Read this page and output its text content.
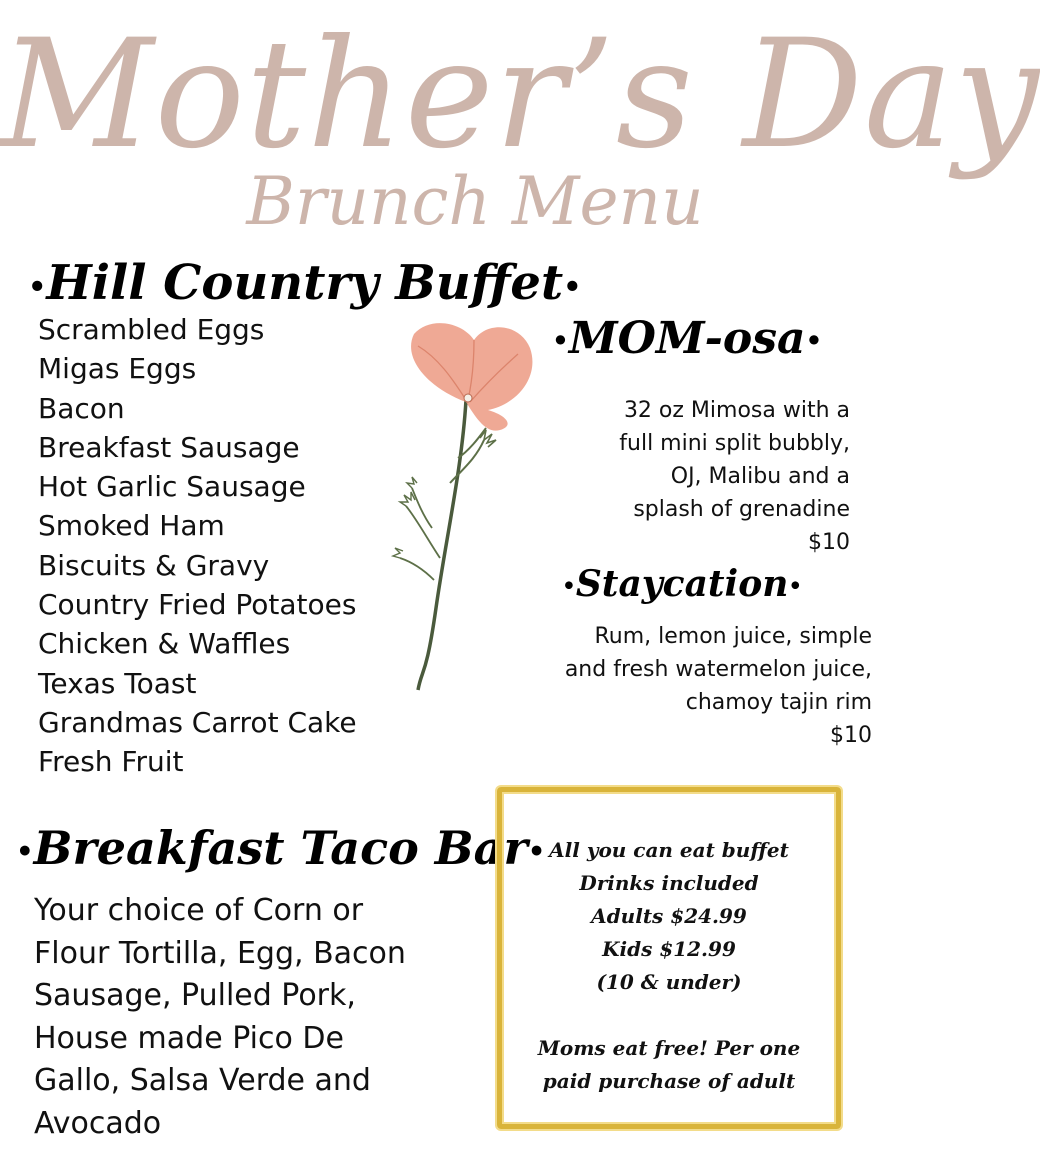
Mother’s Day
Brunch Menu
•Hill Country Buffet•
Scrambled Eggs
Migas Eggs
Bacon
Breakfast Sausage
Hot Garlic Sausage
Smoked Ham
Biscuits & Gravy
Country Fried Potatoes
Chicken & Waffles
Texas Toast
Grandmas Carrot Cake
Fresh Fruit
•MOM-osa•

32 oz Mimosa with a
full mini split bubbly,
OJ, Malibu and a
splash of grenadine
$10

•Staycation•

Rum, lemon juice, simple
and fresh watermelon juice,
chamoy tajin rim
$10

•Breakfast Taco Bar•

Your choice of Corn or
Flour Tortilla, Egg, Bacon
Sausage, Pulled Pork,
House made Pico De
Gallo, Salsa Verde and
Avocado

All you can eat buffet
Drinks included
Adults $24.99
Kids $12.99
(10 & under)
Moms eat free! Per one
paid purchase of adult
